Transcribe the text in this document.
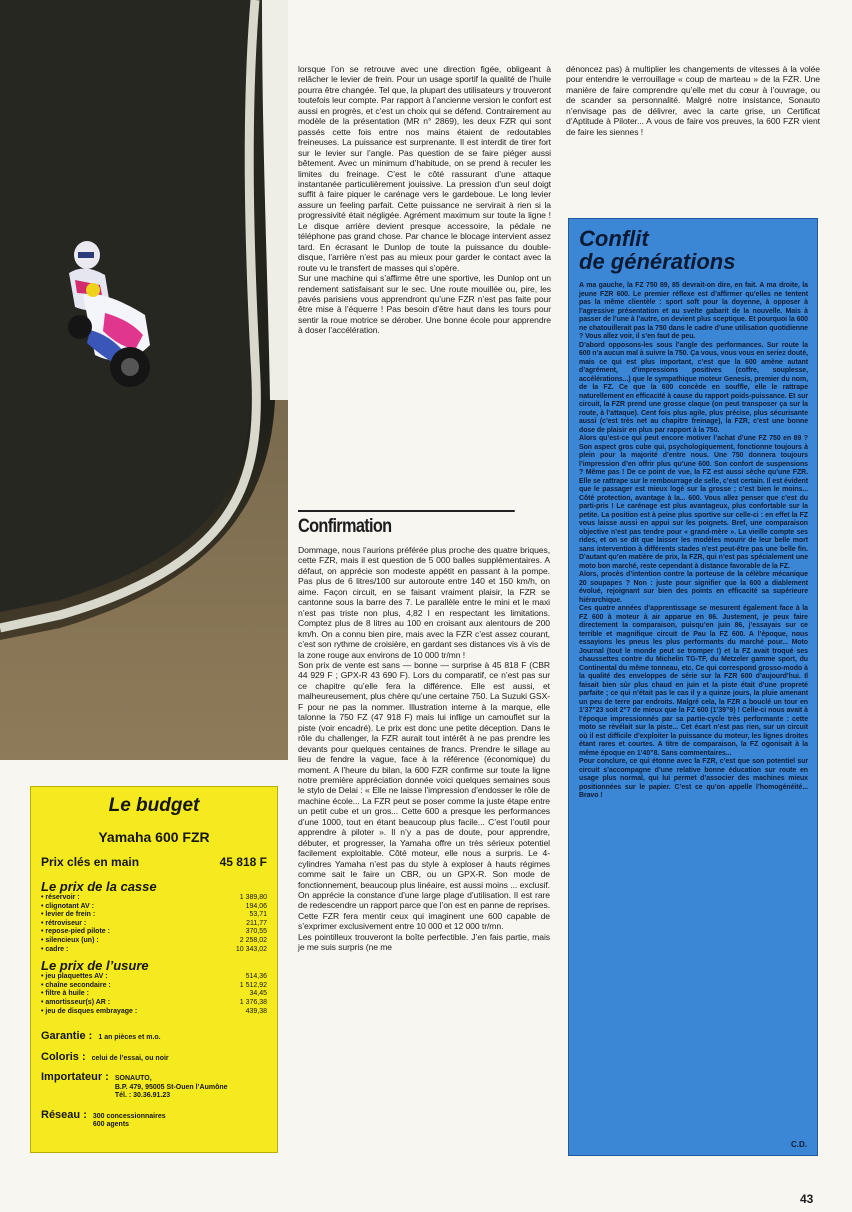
lorsque l’on se retrouve avec une direction figée, obligeant à relâcher le levier de frein. Pour un usage sportif la qualité de l’huile pourra être changée. Tel que, la plupart des utilisateurs y trouveront toutefois leur compte. Par rapport à l’ancienne version le confort est aussi en progrès, et c’est un choix qui se défend. Contrairement au modèle de la présentation (MR n° 2869), les deux FZR qui sont passés cette fois entre nos mains étaient de redoutables freineuses. La puissance est surprenante. Il est interdit de tirer fort sur le levier sur l’angle. Pas question de se faire piéger aussi bêtement. Avec un minimum d’habitude, on se prend à reculer les limites du freinage. C’est le côté rassurant d’une attaque instantanée particulièrement jouissive. La pression d’un seul doigt suffit à faire piquer le carénage vers le gardeboue. Le long levier assure un feeling parfait. Cette puissance ne servirait à rien si la progressivité était négligée. Agrément maximum sur toute la ligne ! Le disque arrière devient presque accessoire, la pédale ne téléphone pas grand chose. Par chance le blocage intervient assez tard. En écrasant le Dunlop de toute la puissance du double-disque, l’arrière n’est pas au mieux pour garder le contact avec la route vu le transfert de masses qui s’opère.

Sur une machine qui s’affirme être une sportive, les Dunlop ont un rendement satisfaisant sur le sec. Une route mouillée ou, pire, les pavés parisiens vous apprendront qu’une FZR n’est pas faite pour être mise à l’équerre ! Pas besoin d’être haut dans les tours pour sentir la roue motrice se dérober. Une bonne école pour apprendre à doser l’accélération.

Confirmation

Dommage, nous l’aurions préférée plus proche des quatre briques, cette FZR, mais il est question de 5 000 balles supplémentaires. A défaut, on apprécie son modeste appétit en passant à la pompe. Pas plus de 6 litres/100 sur autoroute entre 140 et 150 km/h, on aime. Façon circuit, en se faisant vraiment plaisir, la FZR se cantonne sous la barre des 7. Le parallèle entre le mini et le maxi n’est pas triste non plus, 4,82 l en respectant les limitations. Comptez plus de 8 litres au 100 en croisant aux alentours de 200 km/h. On a connu bien pire, mais avec la FZR c’est assez courant, c’est son rythme de croisière, en gardant ses distances vis à vis de la zone rouge aux environs de 10 000 tr/mn !

Son prix de vente est sans — bonne — surprise à 45 818 F (CBR 44 929 F ; GPX-R 43 690 F). Lors du comparatif, ce n’est pas sur ce chapitre qu’elle fera la différence. Elle est aussi, et malheureusement, plus chère qu’une certaine 750. La Suzuki GSX-F pour ne pas la nommer. Illustration interne à la marque, elle talonne la 750 FZ (47 918 F) mais lui inflige un camouflet sur la piste (voir encadré). Le prix est donc une petite déception. Dans le rôle du challenger, la FZR aurait tout intérêt à ne pas prendre les devants pour quelques centaines de francs. Prendre le sillage au lieu de fendre la vague, face à la référence (économique) du moment. A l’heure du bilan, la 600 FZR confirme sur toute la ligne notre première appréciation donnée voici quelques semaines sous le stylo de Delai : « Elle ne laisse l’impression d’endosser le rôle de machine école... La FZR peut se poser comme la juste étape entre un petit cube et un gros... Cette 600 a presque les performances d’une 1000, tout en étant beaucoup plus facile... C’est l’outil pour apprendre à piloter ». Il n’y a pas de doute, pour apprendre, débuter, et progresser, la Yamaha offre un très sérieux potentiel facilement exploitable. Côté moteur, elle nous a surpris. Le 4-cylindres Yamaha n’est pas du style à exploser à hauts régimes comme sait le faire un CBR, ou un GPX-R. Son mode de fonctionnement, beaucoup plus linéaire, est aussi moins ... exclusif. On apprécie la constance d’une large plage d’utilisation. Il est rare de redescendre un rapport parce que l’on est en panne de reprises. Cette FZR fera mentir ceux qui imaginent une 600 capable de s’exprimer exclusivement entre 10 000 et 12 000 tr/mn.

Les pointilleux trouveront la boîte perfectible. J’en fais partie, mais je me suis surpris (ne me

dénoncez pas) à multiplier les changements de vitesses à la volée pour entendre le verrouillage « coup de marteau » de la FZR. Une manière de faire comprendre qu’elle met du cœur à l’ouvrage, ou de scander sa personnalité. Malgré notre insistance, Sonauto n’envisage pas de délivrer, avec la carte grise, un Certificat d’Aptitude à Piloter... A vous de faire vos preuves, la 600 FZR vient de faire les siennes !

Le budget
Yamaha 600 FZR
Prix clés en main	45 818 F
Le prix de la casse
• réservoir :	1 389,80
• clignotant AV :	194,06
• levier de frein :	53,71
• rétroviseur :	211,77
• repose-pied pilote :	370,55
• silencieux (un) :	2 258,02
• cadre :	10 343,02
Le prix de l’usure
• jeu plaquettes AV :	514,36
• chaîne secondaire :	1 512,92
• filtre à huile :	34,45
• amortisseur(s) AR :	1 376,38
• jeu de disques embrayage :	439,38
Garantie : 1 an pièces et m.o.
Coloris : celui de l’essai, ou noir
Importateur : SONAUTO,
B.P. 479, 95005 St-Ouen l’Aumône
Tél. : 30.36.91.23
Réseau : 300 concessionnaires
600 agents
Conflit
de générations

A ma gauche, la FZ 750 89, 85 devrait-on dire, en fait. A ma droite, la jeune FZR 600. Le premier réflexe est d’affirmer qu’elles ne tentent pas la même clientèle : sport soft pour la doyenne, à opposer à l’agressive présentation et au svelte gabarit de la nouvelle. Mais à passer de l’une à l’autre, on devient plus sceptique. Et pourquoi la 600 ne chatouillerait pas la 750 dans le cadre d’une utilisation quotidienne ? Vous allez voir, il s’en faut de peu.

D’abord opposons-les sous l’angle des performances. Sur route la 600 n’a aucun mal à suivre la 750. Ça vous, vous vous en seriez douté, mais ce qui est plus important, c’est que la 600 amène autant d’agrément, d’impressions positives (coffre, souplesse, accélérations...) que le sympathique moteur Genesis, premier du nom, de la FZ. Ce que la 600 concède en souffle, elle le rattrape naturellement en efficacité à cause du rapport poids-puissance. Et sur circuit, la FZR prend une grosse claque (on peut transposer ça sur la route, à l’attaque). Cent fois plus agile, plus précise, plus sécurisante aussi (c’est très net au chapitre freinage), la FZR, c’est une bonne dose de plaisir en plus par rapport à la 750.

Alors qu’est-ce qui peut encore motiver l’achat d’une FZ 750 en 89 ? Son aspect gros cube qui, psychologiquement, fonctionne toujours à plein pour la majorité d’entre nous. Une 750 donnera toujours l’impression d’en offrir plus qu’une 600. Son confort de suspensions ? Même pas ! De ce point de vue, la FZ est aussi sèche qu’une FZR. Elle se rattrape sur le rembourrage de selle, c’est certain. Il est évident que le passager est mieux logé sur la grosse ; c’est bien le moins... Côté protection, avantage à la... 600. Vous allez penser que c’est du parti-pris ! Le carénage est plus avantageux, plus confortable sur la petite. La position est à peine plus sportive sur celle-ci : en effet la FZ vous laisse aussi en appui sur les poignets. Bref, une comparaison objective n’est pas tendre pour « grand-mère ». La vieille compte ses rides, et on se dit que laisser les modèles mourir de leur belle mort sans intervention à différents stades n’est peut-être pas une belle fin. D’autant qu’en matière de prix, la FZR, qui n’est pas spécialement une moto bon marché, reste cependant à distance favorable de la FZ.

Alors, procès d’intention contre la porteuse de la célèbre mécanique 20 soupapes ? Non : juste pour signifier que la 600 a diablement évolué, rejoignant sur bien des points en efficacité sa supérieure hiérarchique.

Ces quatre années d’apprentissage se mesurent également face à la FZ 600 à moteur à air apparue en 86. Justement, je peux faire directement la comparaison, puisqu’en juin 86, j’essayais sur ce terrible et magnifique circuit de Pau la FZ 600. A l’époque, nous essayions les pneus les plus performants du marché pour... Moto Journal (tout le monde peut se tromper !) et la FZ avait troqué ses chaussettes contre du Michelin TG-TF, du Metzeler gamme sport, du Continental du même tonneau, etc. Ce qui correspond grosso-modo à la qualité des enveloppes de série sur la FZR 600 d’aujourd’hui. Il faisait bien sûr plus chaud en juin et la piste était d’une propreté parfaite ; ce qui n’était pas le cas il y a quinze jours, la pluie amenant un peu de terre par endroits. Malgré cela, la FZR a bouclé un tour en 1’37”23 soit 2”7 de mieux que la FZ 600 (1’39”9) ! Celle-ci nous avait à l’époque impressionnés par sa partie-cycle très performante : cette moto se révélait sur la piste... Cet écart n’est pas rien, sur un circuit où il est difficile d’exploiter la puissance du moteur, les lignes droites étant rares et courtes. A titre de comparaison, la FZ ogonisait à la même époque en 1’40”8. Sans commentaires...

Pour conclure, ce qui étonne avec la FZR, c’est que son potentiel sur circuit s’accompagne d’une relative bonne éducation sur route en usage plus normal, qui lui permet d’associer des machines mieux positionnées sur le papier. C’est ce qu’on appelle l’homogénéité... Bravo !

C.D.
43
